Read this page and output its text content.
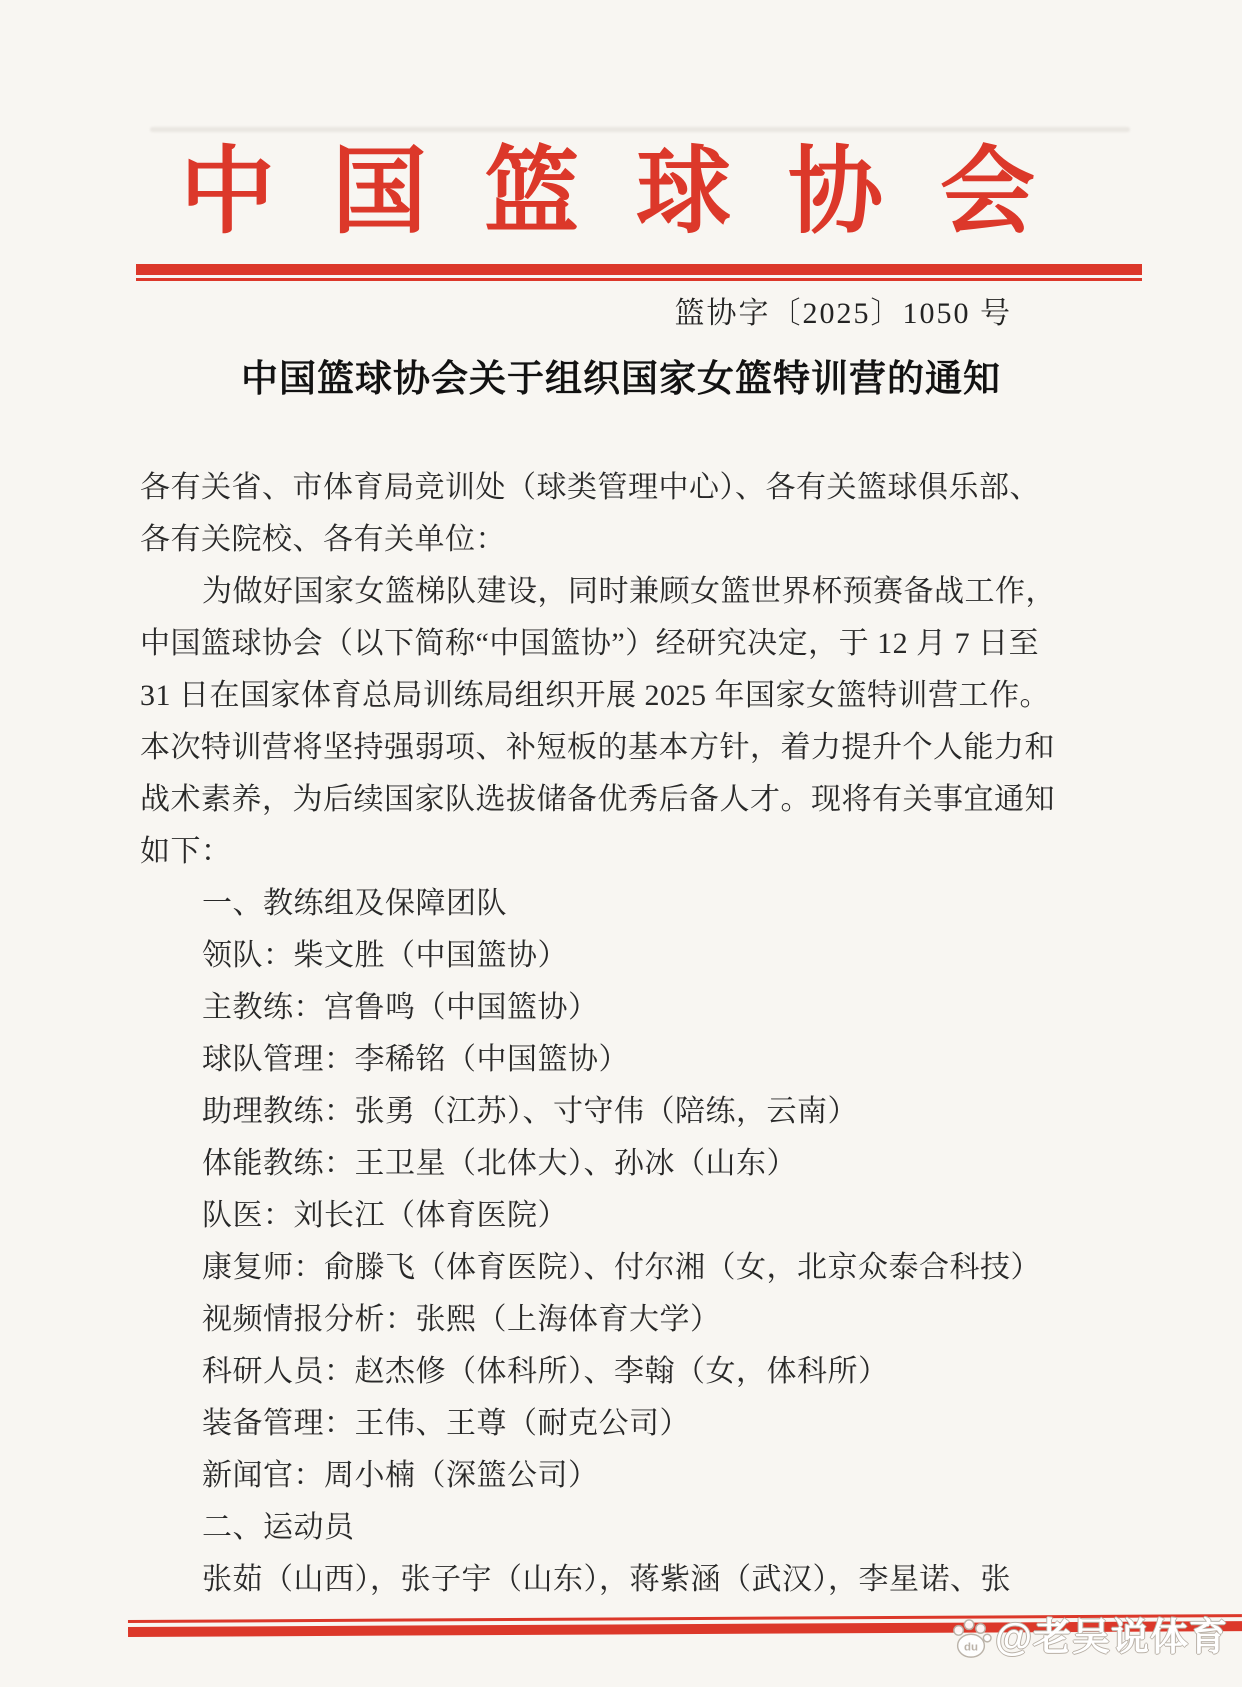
中国篮球协会
篮协字〔2025〕1050 号
中国篮球协会关于组织国家女篮特训营的通知
各有关省、市体育局竞训处（球类管理中心）、各有关篮球俱乐部、
各有关院校、各有关单位：
为做好国家女篮梯队建设，同时兼顾女篮世界杯预赛备战工作，
中国篮球协会（以下简称“中国篮协”）经研究决定，于 12 月 7 日至
31 日在国家体育总局训练局组织开展 2025 年国家女篮特训营工作。
本次特训营将坚持强弱项、补短板的基本方针，着力提升个人能力和
战术素养，为后续国家队选拔储备优秀后备人才。现将有关事宜通知
如下：
一、教练组及保障团队
领队：柴文胜（中国篮协）
主教练：宫鲁鸣（中国篮协）
球队管理：李稀铭（中国篮协）
助理教练：张勇（江苏）、寸守伟（陪练，云南）
体能教练：王卫星（北体大）、孙冰（山东）
队医：刘长江（体育医院）
康复师：俞滕飞（体育医院）、付尔湘（女，北京众泰合科技）
视频情报分析：张熙（上海体育大学）
科研人员：赵杰修（体科所）、李翰（女，体科所）
装备管理：王伟、王尊（耐克公司）
新闻官：周小楠（深篮公司）
二、运动员
张茹（山西），张子宇（山东），蒋紫涵（武汉），李星诺、张
du @老吴说体育
